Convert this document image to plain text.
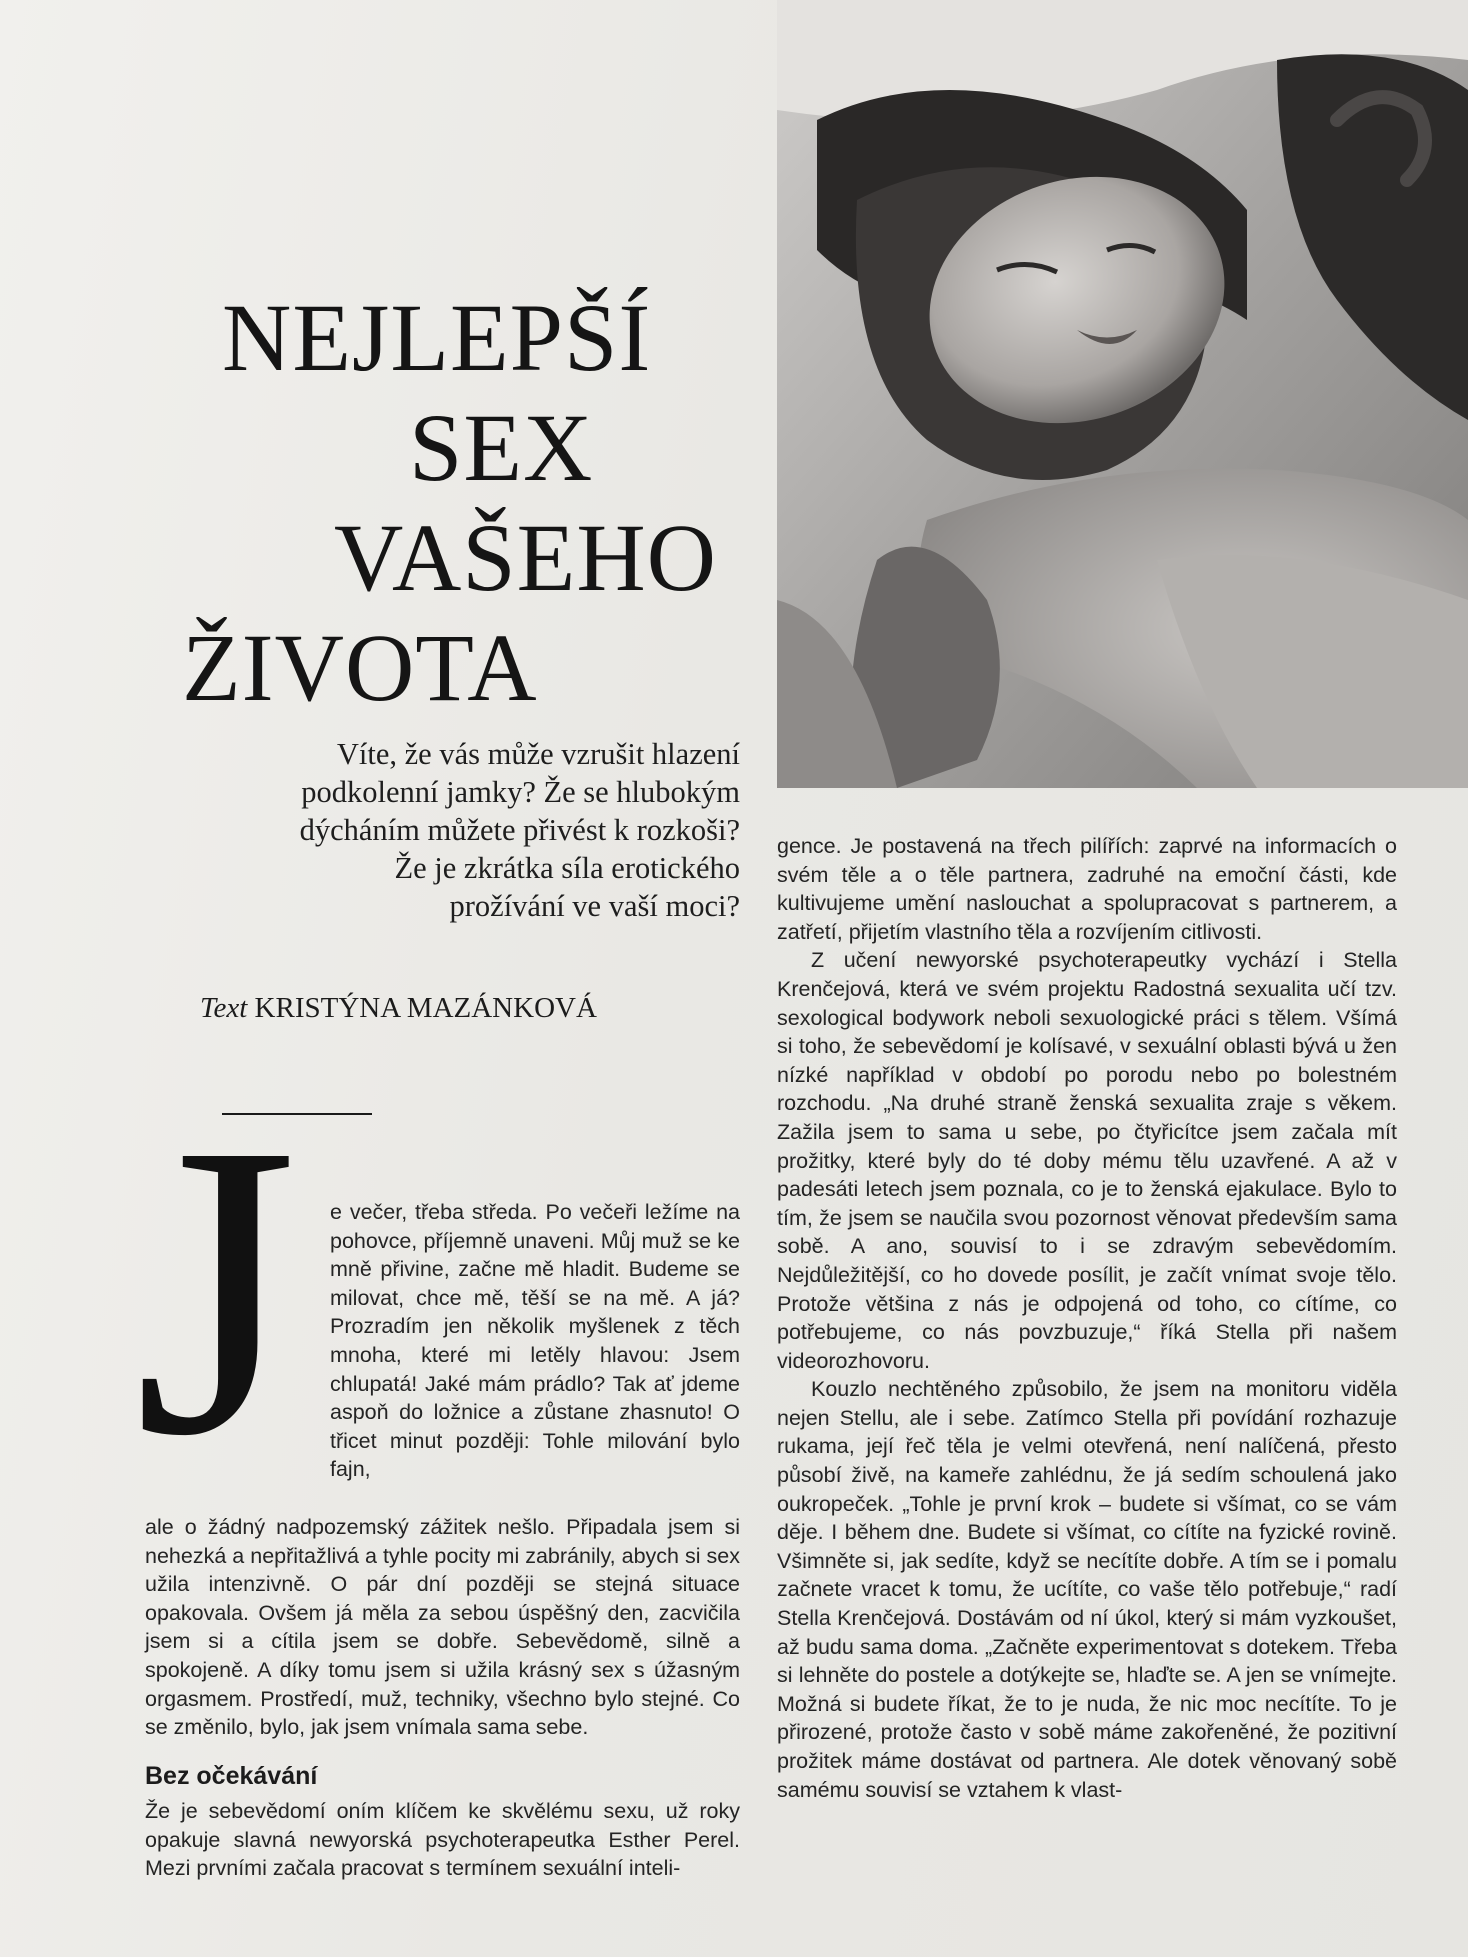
NEJLEPŠÍ
SEX
VAŠEHO
ŽIVOTA
Víte, že vás může vzrušit hlazení
podkolenní jamky? Že se hlubokým
dýcháním můžete přivést k rozkoši?
Že je zkrátka síla erotického
prožívání ve vaší moci?
Text KRISTÝNA MAZÁNKOVÁ
J	e večer, třeba středa. Po večeři ležíme na pohovce, příjemně unaveni. Můj muž se ke mně přivine, začne mě hladit. Budeme se milovat, chce mě, těší se na mě. A já? Prozradím jen několik myšlenek z těch mnoha, které mi letěly hlavou: Jsem chlupatá! Jaké mám prádlo? Tak ať jdeme aspoň do ložnice a zůstane zhasnuto! O třicet minut později: Tohle milování bylo fajn,

ale o žádný nadpozemský zážitek nešlo. Připadala jsem si nehezká a nepřitažlivá a tyhle pocity mi zabránily, abych si sex užila intenzivně. O pár dní později se stejná situace opakovala. Ovšem já měla za sebou úspěšný den, zacvičila jsem si a cítila jsem se dobře. Sebevědomě, silně a spokojeně. A díky tomu jsem si užila krásný sex s úžasným orgasmem. Prostředí, muž, techniky, všechno bylo stejné. Co se změnilo, bylo, jak jsem vnímala sama sebe.

Bez očekávání

Že je sebevědomí oním klíčem ke skvělému sexu, už roky opakuje slavná newyorská psychoterapeutka Esther Perel. Mezi prvními začala pracovat s termínem sexuální inteli-

gence. Je postavená na třech pilířích: zaprvé na informacích o svém těle a o těle partnera, zadruhé na emoční části, kde kultivujeme umění naslouchat a spolupracovat s partnerem, a zatřetí, přijetím vlastního těla a rozvíjením citlivosti.

Z učení newyorské psychoterapeutky vychází i Stella Krenčejová, která ve svém projektu Radostná sexualita učí tzv. sexological bodywork neboli sexuologické práci s tělem. Všímá si toho, že sebevědomí je kolísavé, v sexuální oblasti bývá u žen nízké například v období po porodu nebo po bolestném rozchodu. „Na druhé straně ženská sexualita zraje s věkem. Zažila jsem to sama u sebe, po čtyřicítce jsem začala mít prožitky, které byly do té doby mému tělu uzavřené. A až v padesáti letech jsem poznala, co je to ženská ejakulace. Bylo to tím, že jsem se naučila svou pozornost věnovat především sama sobě. A ano, souvisí to i se zdravým sebevědomím. Nejdůležitější, co ho dovede posílit, je začít vnímat svoje tělo. Protože většina z nás je odpojená od toho, co cítíme, co potřebujeme, co nás povzbuzuje,“ říká Stella při našem videorozhovoru.

Kouzlo nechtěného způsobilo, že jsem na monitoru viděla nejen Stellu, ale i sebe. Zatímco Stella při povídání rozhazuje rukama, její řeč těla je velmi otevřená, není nalíčená, přesto působí živě, na kameře zahlédnu, že já sedím schoulená jako oukropeček. „Tohle je první krok – budete si všímat, co se vám děje. I během dne. Budete si všímat, co cítíte na fyzické rovině. Všimněte si, jak sedíte, když se necítíte dobře. A tím se i pomalu začnete vracet k tomu, že ucítíte, co vaše tělo potřebuje,“ radí Stella Krenčejová. Dostávám od ní úkol, který si mám vyzkoušet, až budu sama doma. „Začněte experimentovat s dotekem. Třeba si lehněte do postele a dotýkejte se, hlaďte se. A jen se vnímejte. Možná si budete říkat, že to je nuda, že nic moc necítíte. To je přirozené, protože často v sobě máme zakořeněné, že pozitivní prožitek máme dostávat od partnera. Ale dotek věnovaný sobě samému souvisí se vztahem k vlast-
